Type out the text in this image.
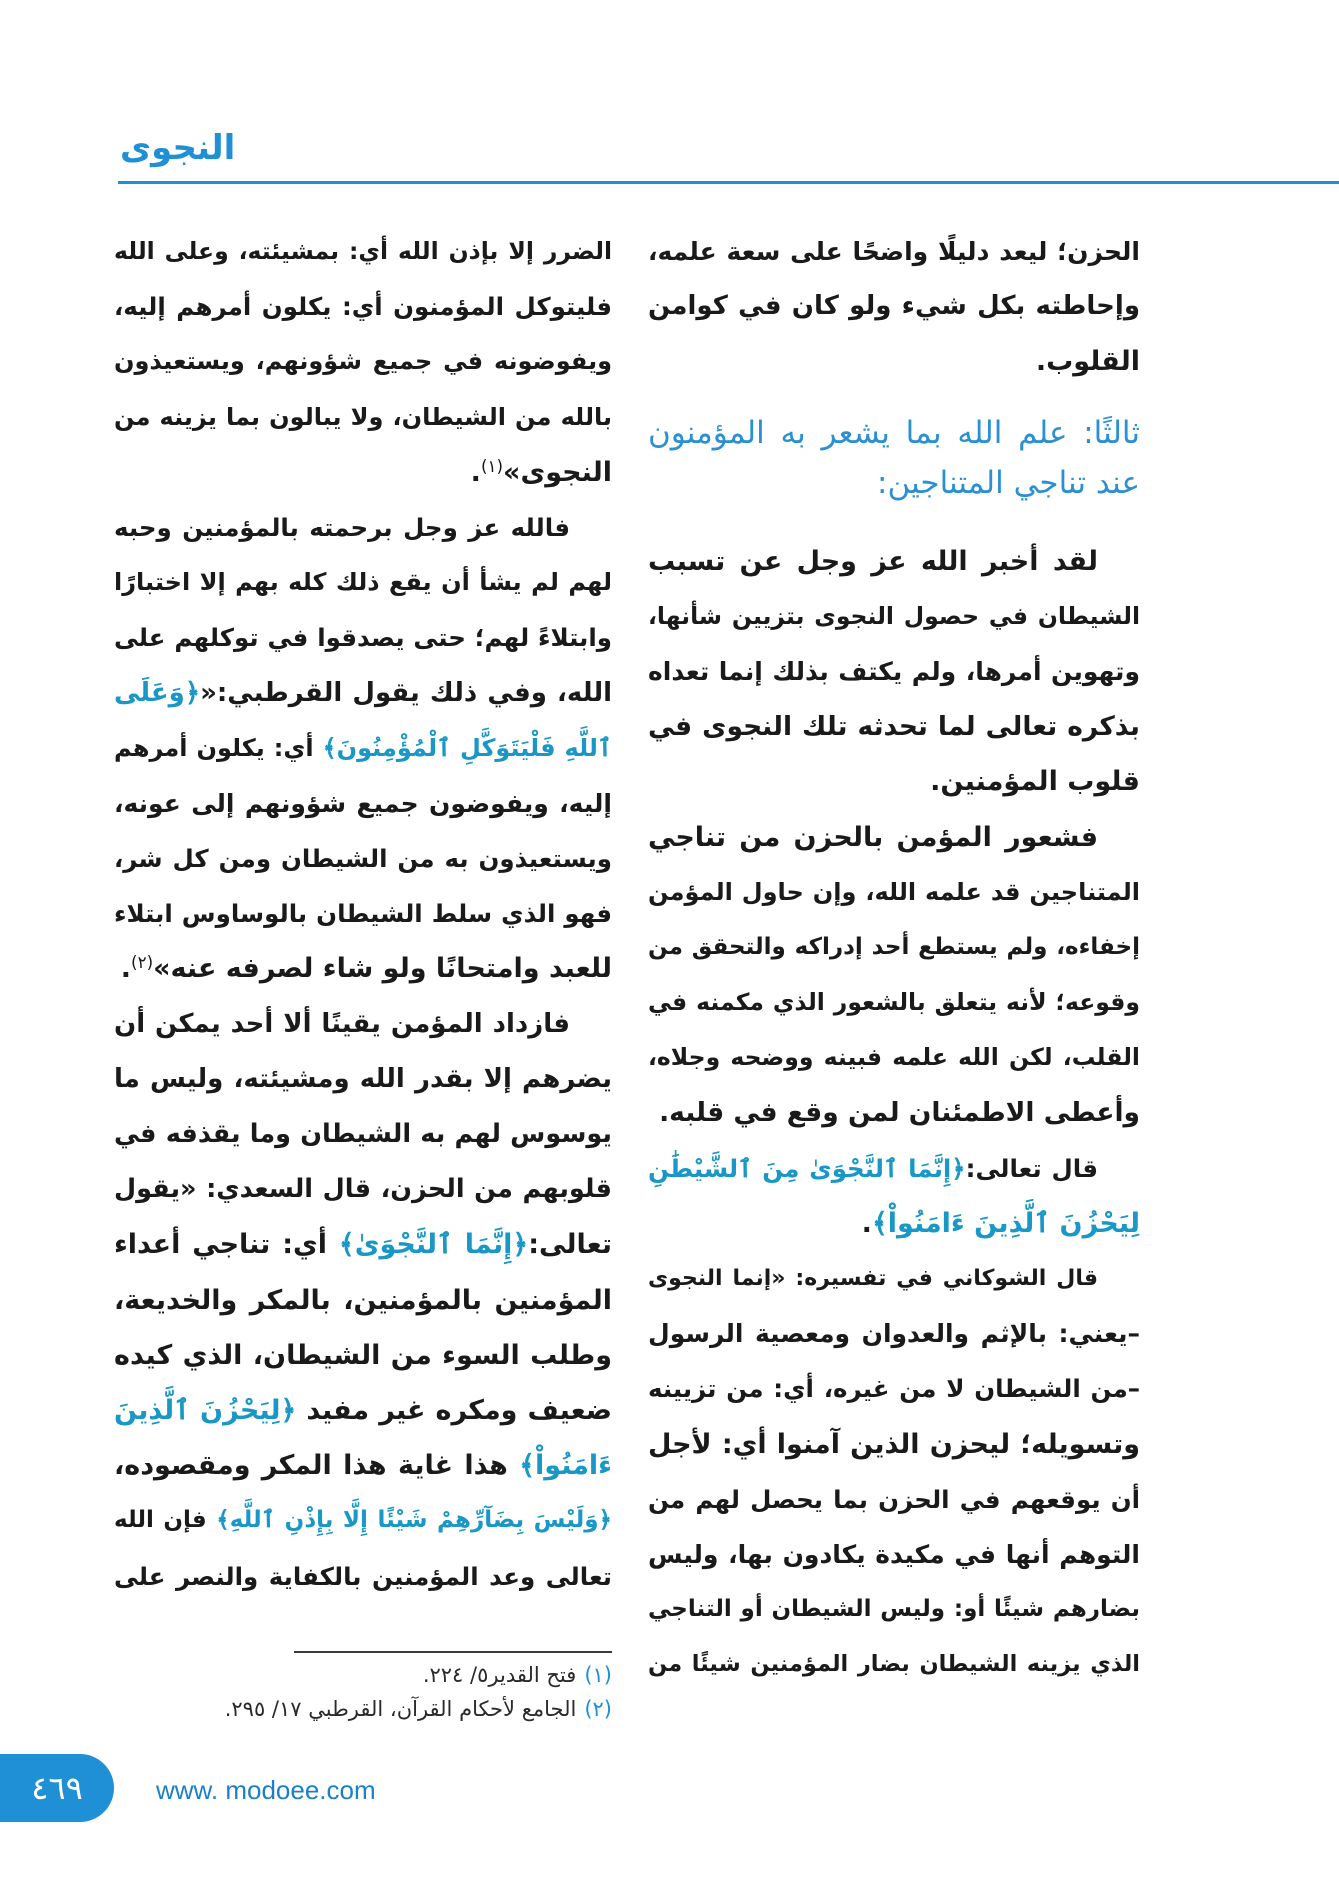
النجوى
الحزن؛ ليعد دليلًا واضحًا على سعة علمه،
وإحاطته بكل شيء ولو كان في كوامن
القلوب.
ثالثًا: علم الله بما يشعر به المؤمنون
عند تناجي المتناجين:
لقد أخبر الله عز وجل عن تسبب
الشيطان في حصول النجوى بتزيين شأنها،
وتهوين أمرها، ولم يكتف بذلك إنما تعداه
بذكره تعالى لما تحدثه تلك النجوى في
قلوب المؤمنين.
فشعور المؤمن بالحزن من تناجي
المتناجين قد علمه الله، وإن حاول المؤمن
إخفاءه، ولم يستطع أحد إدراكه والتحقق من
وقوعه؛ لأنه يتعلق بالشعور الذي مكمنه في
القلب، لكن الله علمه فبينه ووضحه وجلاه،
وأعطى الاطمئنان لمن وقع في قلبه.
قال تعالى:﴿إِنَّمَا ٱلنَّجْوَىٰ مِنَ ٱلشَّيْطَٰنِ
لِيَحْزُنَ ٱلَّذِينَ ءَامَنُواْ﴾.
قال الشوكاني في تفسيره: «إنما النجوى
–يعني: بالإثم والعدوان ومعصية الرسول
–من الشيطان لا من غيره، أي: من تزيينه
وتسويله؛ ليحزن الذين آمنوا أي: لأجل
أن يوقعهم في الحزن بما يحصل لهم من
التوهم أنها في مكيدة يكادون بها، وليس
بضارهم شيئًا أو: وليس الشيطان أو التناجي
الذي يزينه الشيطان بضار المؤمنين شيئًا من
الضرر إلا بإذن الله أي: بمشيئته، وعلى الله
فليتوكل المؤمنون أي: يكلون أمرهم إليه،
ويفوضونه في جميع شؤونهم، ويستعيذون
بالله من الشيطان، ولا يبالون بما يزينه من
النجوى»$^{(١)}$.
فالله عز وجل برحمته بالمؤمنين وحبه
لهم لم يشأ أن يقع ذلك كله بهم إلا اختبارًا
وابتلاءً لهم؛ حتى يصدقوا في توكلهم على
الله، وفي ذلك يقول القرطبي:«﴿وَعَلَى
ٱللَّهِ فَلْيَتَوَكَّلِ ٱلْمُؤْمِنُونَ﴾ أي: يكلون أمرهم
إليه، ويفوضون جميع شؤونهم إلى عونه،
ويستعيذون به من الشيطان ومن كل شر،
فهو الذي سلط الشيطان بالوساوس ابتلاء
للعبد وامتحانًا ولو شاء لصرفه عنه»$^{(٢)}$.
فازداد المؤمن يقينًا ألا أحد يمكن أن
يضرهم إلا بقدر الله ومشيئته، وليس ما
يوسوس لهم به الشيطان وما يقذفه في
قلوبهم من الحزن، قال السعدي: «يقول
تعالى:﴿إِنَّمَا ٱلنَّجْوَىٰ﴾ أي: تناجي أعداء
المؤمنين بالمؤمنين، بالمكر والخديعة،
وطلب السوء من الشيطان، الذي كيده
ضعيف ومكره غير مفيد ﴿لِيَحْزُنَ ٱلَّذِينَ
ءَامَنُواْ﴾ هذا غاية هذا المكر ومقصوده،
﴿وَلَيْسَ بِضَآرِّهِمْ شَيْئًا إِلَّا بِإِذْنِ ٱللَّهِ﴾ فإن الله
تعالى وعد المؤمنين بالكفاية والنصر على
(١)فتح القدير٥/ ٢٢٤.
(٢)الجامع لأحكام القرآن، القرطبي ١٧/ ٢٩٥.
٤٦٩	www. modoee.com
